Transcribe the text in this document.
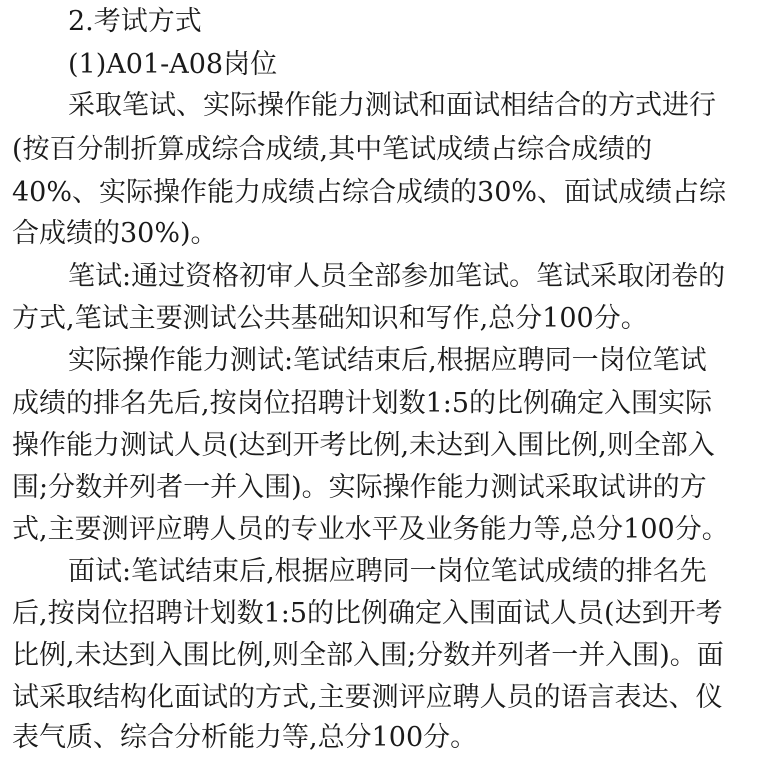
2.考试方式
(1)A01-A08岗位
采取笔试、实际操作能力测试和面试相结合的方式进行
(按百分制折算成综合成绩,其中笔试成绩占综合成绩的
40%、实际操作能力成绩占综合成绩的30%、面试成绩占综
合成绩的30%)。
笔试:通过资格初审人员全部参加笔试。笔试采取闭卷的
方式,笔试主要测试公共基础知识和写作,总分100分。
实际操作能力测试:笔试结束后,根据应聘同一岗位笔试
成绩的排名先后,按岗位招聘计划数1:5的比例确定入围实际
操作能力测试人员(达到开考比例,未达到入围比例,则全部入
围;分数并列者一并入围)。实际操作能力测试采取试讲的方
式,主要测评应聘人员的专业水平及业务能力等,总分100分。
面试:笔试结束后,根据应聘同一岗位笔试成绩的排名先
后,按岗位招聘计划数1:5的比例确定入围面试人员(达到开考
比例,未达到入围比例,则全部入围;分数并列者一并入围)。面
试采取结构化面试的方式,主要测评应聘人员的语言表达、仪
表气质、综合分析能力等,总分100分。
